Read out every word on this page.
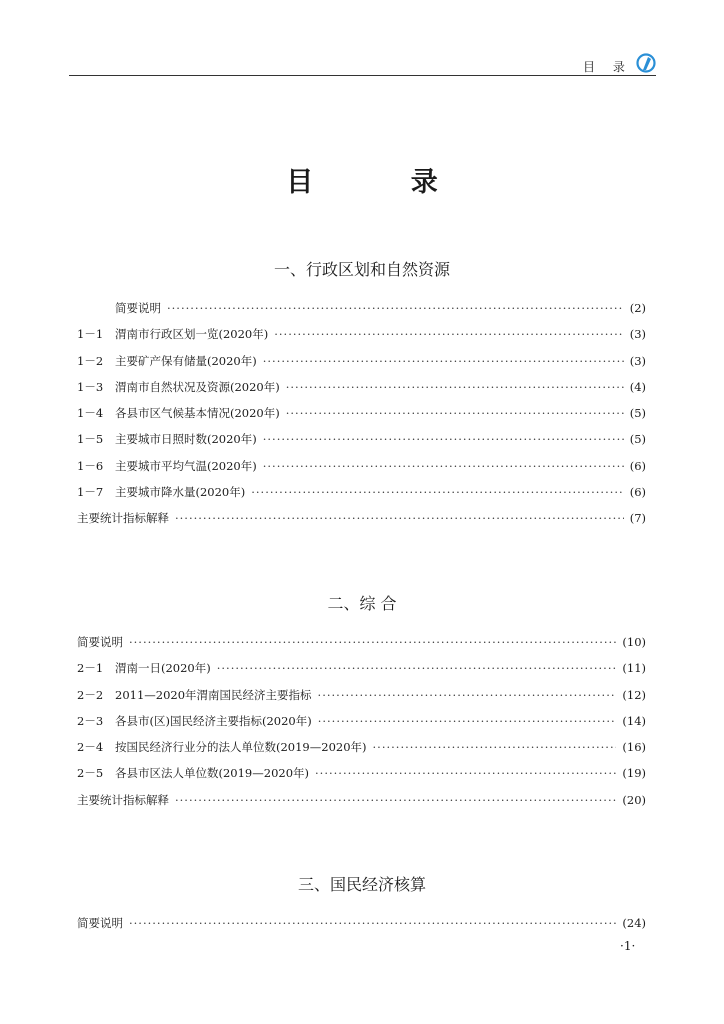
目 录
目 录
一、行政区划和自然资源
简要说明 ·····	(2)
1－1	渭南市行政区划一览(2020年) ·····	(3)
1－2	主要矿产保有储量(2020年) ·····	(3)
1－3	渭南市自然状况及资源(2020年) ·····	(4)
1－4	各县市区气候基本情况(2020年) ·····	(5)
1－5	主要城市日照时数(2020年) ·····	(5)
1－6	主要城市平均气温(2020年) ·····	(6)
1－7	主要城市降水量(2020年) ·····	(6)
主要统计指标解释 ·····	(7)
二、综 合
简要说明 ·····	(10)
2－1	渭南一日(2020年) ·····	(11)
2－2	2011—2020年渭南国民经济主要指标 ·····	(12)
2－3	各县市(区)国民经济主要指标(2020年) ·····	(14)
2－4	按国民经济行业分的法人单位数(2019—2020年) ·····	(16)
2－5	各县市区法人单位数(2019—2020年) ·····	(19)
主要统计指标解释 ·····	(20)
三、国民经济核算
简要说明 ·····	(24)
·1·
